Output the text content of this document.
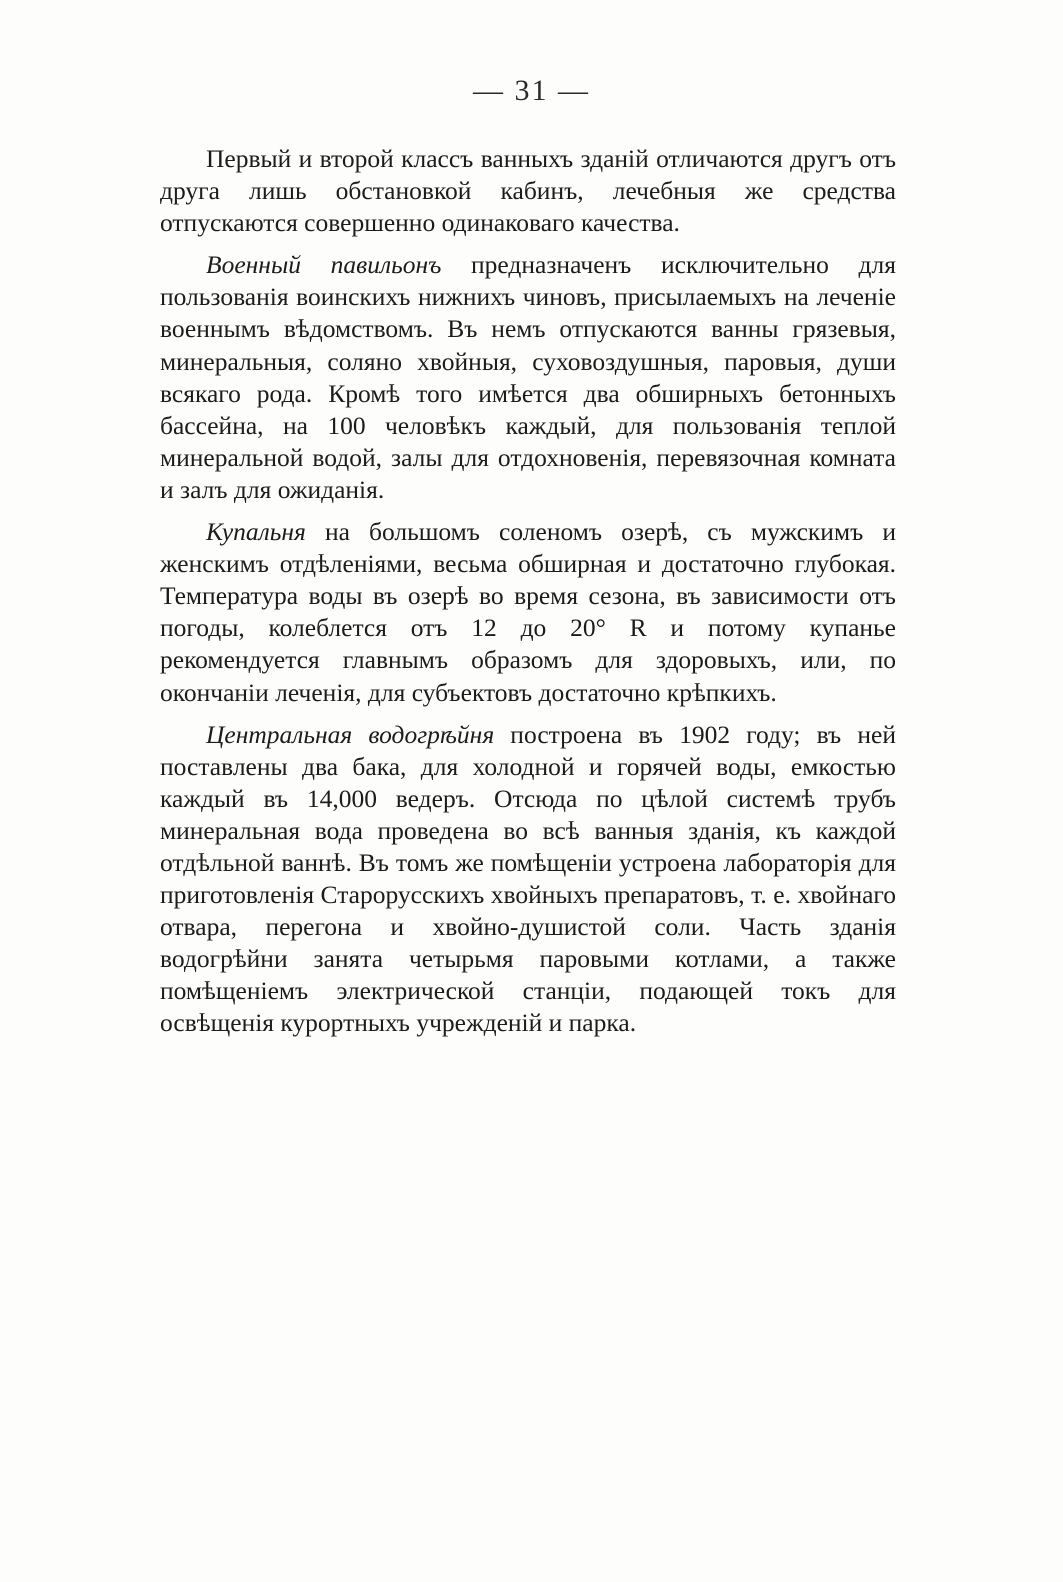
— 31 —

Первый и второй классъ ванныхъ зданій отличаются другъ отъ друга лишь обстановкой кабинъ, лечебныя же средства отпускаются совершенно одинаковаго качества.

Военный павильонъ предназначенъ исключительно для пользованія воинскихъ нижнихъ чиновъ, присылаемыхъ на леченіе военнымъ вѣдомствомъ. Въ немъ отпускаются ванны грязевыя, минеральныя, соляно хвойныя, суховоздушныя, паровыя, души всякаго рода. Кромѣ того имѣется два обширныхъ бетонныхъ бассейна, на 100 человѣкъ каждый, для пользованія теплой минеральной водой, залы для отдохновенія, перевязочная комната и залъ для ожиданія.

Купальня на большомъ соленомъ озерѣ, съ мужскимъ и женскимъ отдѣленіями, весьма обширная и достаточно глубокая. Температура воды въ озерѣ во время сезона, въ зависимости отъ погоды, колеблется отъ 12 до 20° R и потому купанье рекомендуется главнымъ образомъ для здоровыхъ, или, по окончаніи леченія, для субъектовъ достаточно крѣпкихъ.

Центральная водогрѣйня построена въ 1902 году; въ ней поставлены два бака, для холодной и горячей воды, емкостью каждый въ 14,000 ведеръ. Отсюда по цѣлой системѣ трубъ минеральная вода проведена во всѣ ванныя зданія, къ каждой отдѣльной ваннѣ. Въ томъ же помѣщеніи устроена лабораторія для приготовленія Старорусскихъ хвойныхъ препаратовъ, т. е. хвойнаго отвара, перегона и хвойно-душистой соли. Часть зданія водогрѣйни занята четырьмя паровыми котлами, а также помѣщеніемъ электрической станціи, подающей токъ для освѣщенія курортныхъ учрежденій и парка.
